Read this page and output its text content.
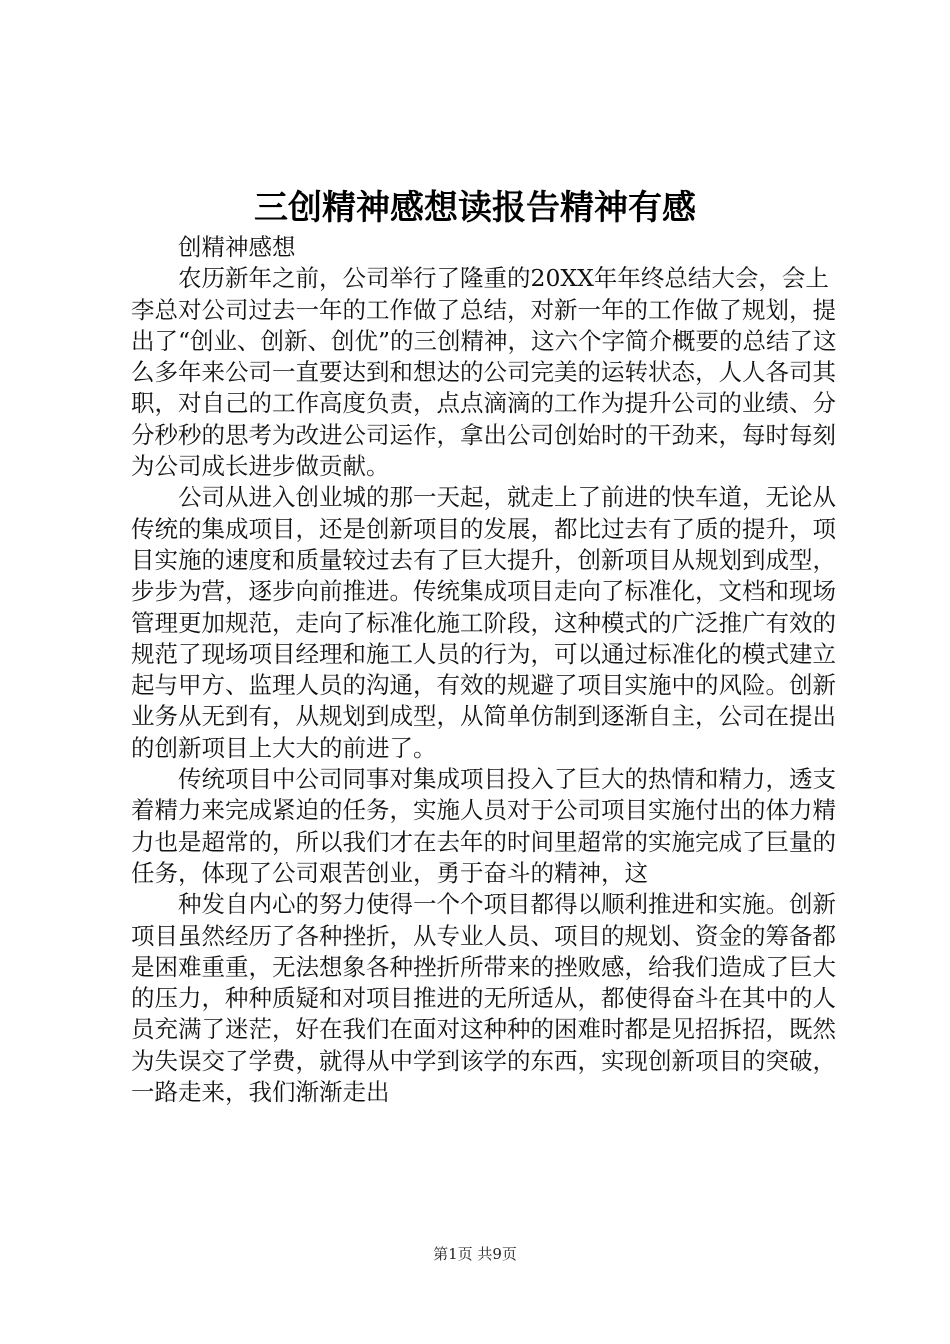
三创精神感想读报告精神有感

创精神感想

农历新年之前，公司举行了隆重的20XX年年终总结大会，会上李总对公司过去一年的工作做了总结，对新一年的工作做了规划，提出了“创业、创新、创优”的三创精神，这六个字简介概要的总结了这么多年来公司一直要达到和想达的公司完美的运转状态，人人各司其职，对自己的工作高度负责，点点滴滴的工作为提升公司的业绩、分分秒秒的思考为改进公司运作，拿出公司创始时的干劲来，每时每刻为公司成长进步做贡献。

公司从进入创业城的那一天起，就走上了前进的快车道，无论从传统的集成项目，还是创新项目的发展，都比过去有了质的提升，项目实施的速度和质量较过去有了巨大提升，创新项目从规划到成型，步步为营，逐步向前推进。传统集成项目走向了标准化，文档和现场管理更加规范，走向了标准化施工阶段，这种模式的广泛推广有效的规范了现场项目经理和施工人员的行为，可以通过标准化的模式建立起与甲方、监理人员的沟通，有效的规避了项目实施中的风险。创新业务从无到有，从规划到成型，从简单仿制到逐渐自主，公司在提出的创新项目上大大的前进了。

传统项目中公司同事对集成项目投入了巨大的热情和精力，透支着精力来完成紧迫的任务，实施人员对于公司项目实施付出的体力精力也是超常的，所以我们才在去年的时间里超常的实施完成了巨量的任务，体现了公司艰苦创业，勇于奋斗的精神，这

种发自内心的努力使得一个个项目都得以顺利推进和实施。创新项目虽然经历了各种挫折，从专业人员、项目的规划、资金的筹备都是困难重重，无法想象各种挫折所带来的挫败感，给我们造成了巨大的压力，种种质疑和对项目推进的无所适从，都使得奋斗在其中的人员充满了迷茫，好在我们在面对这种种的困难时都是见招拆招，既然为失误交了学费，就得从中学到该学的东西，实现创新项目的突破，一路走来，我们渐渐走出

第1页 共9页
